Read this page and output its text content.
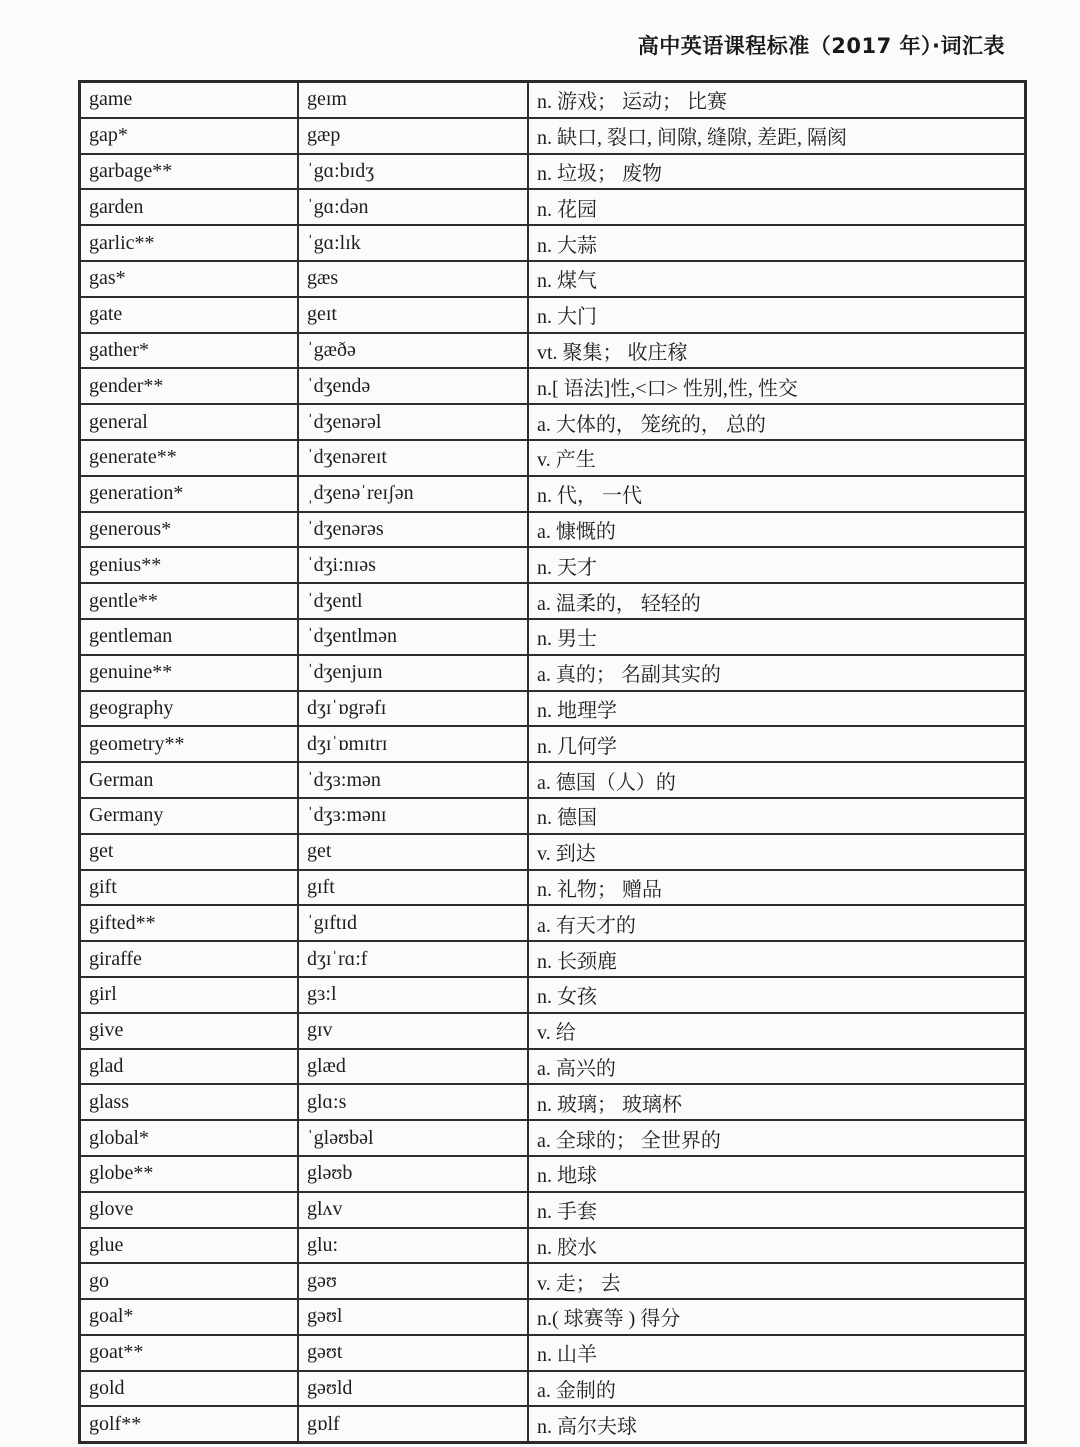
高中英语课程标准（2017 年）·词汇表
game	geɪm	n. 游戏； 运动； 比赛
gap*	gæp	n. 缺口, 裂口, 间隙, 缝隙, 差距, 隔阂
garbage**	ˈgɑ:bɪdʒ	n. 垃圾； 废物
garden	ˈgɑ:dən	n. 花园
garlic**	ˈgɑ:lɪk	n. 大蒜
gas*	gæs	n. 煤气
gate	geɪt	n. 大门
gather*	ˈgæðə	vt. 聚集； 收庄稼
gender**	ˈdʒendə	n.[ 语法]性,<口> 性别,性, 性交
general	ˈdʒenərəl	a. 大体的， 笼统的， 总的
generate**	ˈdʒenəreɪt	v. 产生
generation*	ˌdʒenəˈreɪʃən	n. 代， 一代
generous*	ˈdʒenərəs	a. 慷慨的
genius**	ˈdʒi:nɪəs	n. 天才
gentle**	ˈdʒentl	a. 温柔的， 轻轻的
gentleman	ˈdʒentlmən	n. 男士
genuine**	ˈdʒenjuɪn	a. 真的； 名副其实的
geography	dʒɪˈɒgrəfɪ	n. 地理学
geometry**	dʒɪˈɒmɪtrɪ	n. 几何学
German	ˈdʒɜ:mən	a. 德国（人）的
Germany	ˈdʒɜ:mənɪ	n. 德国
get	get	v. 到达
gift	gɪft	n. 礼物； 赠品
gifted**	ˈgɪftɪd	a. 有天才的
giraffe	dʒɪˈrɑ:f	n. 长颈鹿
girl	gɜ:l	n. 女孩
give	gɪv	v. 给
glad	glæd	a. 高兴的
glass	glɑ:s	n. 玻璃； 玻璃杯
global*	ˈgləʊbəl	a. 全球的； 全世界的
globe**	gləʊb	n. 地球
glove	glʌv	n. 手套
glue	glu:	n. 胶水
go	gəʊ	v. 走； 去
goal*	gəʊl	n.( 球赛等 ) 得分
goat**	gəʊt	n. 山羊
gold	gəʊld	a. 金制的
golf**	gɒlf	n. 高尔夫球
